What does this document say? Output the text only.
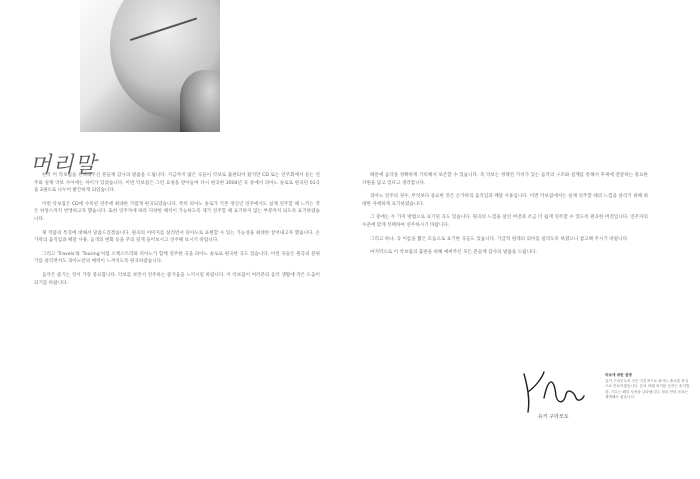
머리말

한국 어 악보집을 선택해주신 분들께 감사의 말씀을 드립니다. 지금까지 많은 곡들이 악보로 출판되어 왔지만 CD 또는 연주회에서 듣는 연주와 실제 악보 사이에는 차이가 있었습니다. 이번 악보집은 그런 요청을 받아들여 다시 편곡한 2004년 곡 중에서 피아노 솔로로 편곡된 01곡을 3권으로 나누어 발간하게 되었습니다.

이번 악보집은 CD에 수록된 연주에 최대한 가깝게 편곡되었습니다. 특히 피아노 솔로가 기본 정신인 연주에서도 실제 연주할 때 느끼는 작은 뉘앙스까지 반영하고자 했습니다. 또한 연주자에 따라 다양한 해석이 가능하도록 제가 연주할 때 표기하지 않는 부분까지 되도록 표기하였습니다.

제 작품의 특징에 대해서 말씀드리겠습니다. 원곡의 이미지를 살리면서 피아노로 표현할 수 있는 가능성을 최대한 끌어내고자 했습니다. 손가락의 움직임과 페달 사용, 음색의 변화 등을 주의 깊게 들어보시고 연주해 보시기 바랍니다.

그리고 'Travels'와 'Touring'처럼 오케스트라와 피아노가 함께 연주한 곡을 피아노 솔로로 편곡한 곡도 있습니다. 이런 곡들은 원곡의 분위기를 살리면서도 피아노만의 매력이 느껴지도록 편곡하였습니다.

음악은 즐기는 것이 가장 중요합니다. 악보를 보면서 연주하는 즐거움을 느끼시길 바랍니다. 이 악보집이 여러분의 음악 생활에 작은 도움이 되기를 바랍니다.

때문에 음악을 정확하게 기록해서 보존할 수 있습니다. 즉 악보는 정해진 가치가 있는 음악의 구조와 설계를 통해서 후세에 전달하는 중요한 자원을 담고 있다고 생각합니다.

피아노 연주의 경우, 무엇보다 중요한 것은 손가락의 움직임과 페달 사용입니다. 이번 악보집에서는 실제 연주할 때의 느낌을 살리기 위해 최대한 자세하게 표기하였습니다.

그 중에는 두 가지 방법으로 표기된 곡도 있습니다. 원곡의 느낌을 살린 버전과 조금 더 쉽게 연주할 수 있도록 편곡한 버전입니다. 연주자의 수준에 맞게 선택하여 연주하시기 바랍니다.

그리고 하나, 곡 이름을 짧은 모음으로 표기한 곡들도 있습니다. 가급적 원래의 의미를 살리도록 하였으니 참고해 주시기 바랍니다.

마지막으로 이 악보집의 출판을 위해 애써주신 모든 분들께 감사의 말씀을 드립니다.

유키 구라모토
악보에 대한 설명
유키 구라모토의 곡은 기본적으로 피아노 솔로를 중심으로 만들어졌습니다. 음표 아래 표기된 숫자는 운지법을, 기호는 페달 사용을 나타냅니다. 괄호 안의 음표는 생략해도 좋습니다.
